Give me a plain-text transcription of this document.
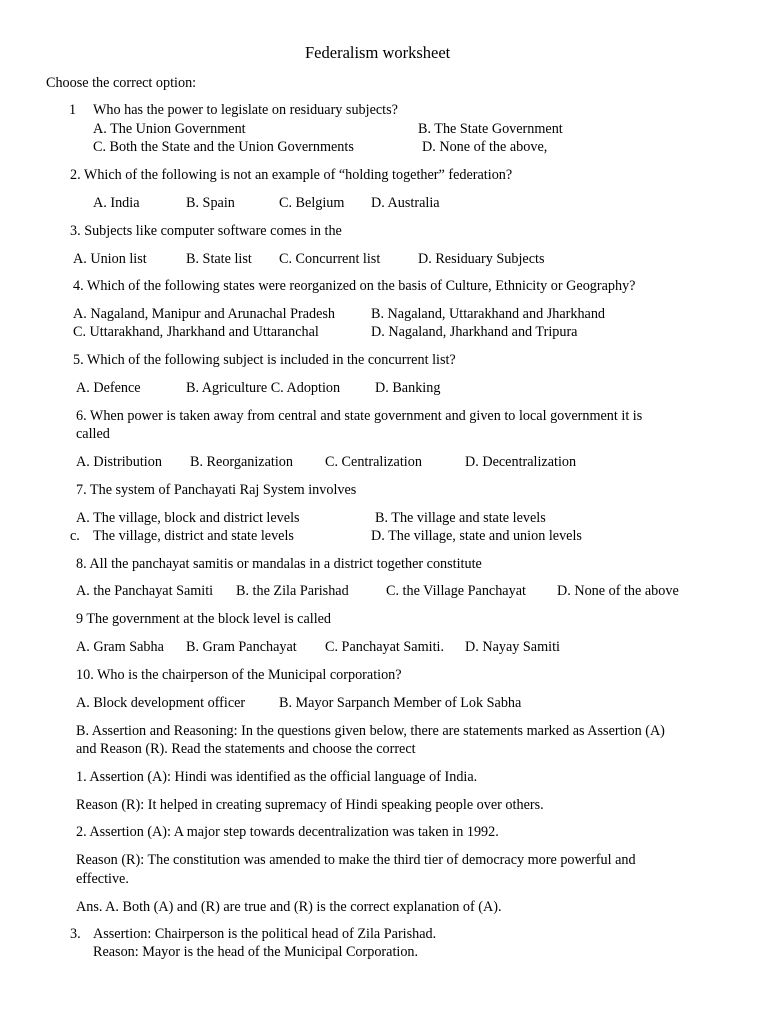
Federalism worksheet
Choose the correct option:
1 Who has the power to legislate on residuary subjects?
A. The Union Government	B. The State Government
C. Both the State and the Union Governments	D. None of the above,
2. Which of the following is not an example of “holding together” federation?
A. India	B. Spain	C. Belgium D. Australia
3. Subjects like computer software comes in the
A. Union list	B. State list C. Concurrent list	D. Residuary Subjects
4. Which of the following states were reorganized on the basis of Culture, Ethnicity or Geography?
A. Nagaland, Manipur and Arunachal Pradesh	B. Nagaland, Uttarakhand and Jharkhand
C. Uttarakhand, Jharkhand and Uttaranchal	D. Nagaland, Jharkhand and Tripura
5. Which of the following subject is included in the concurrent list?
A. Defence	B. Agriculture C. Adoption D. Banking
6. When power is taken away from central and state government and given to local government it is
called
A. Distribution B. Reorganization C. Centralization	D. Decentralization
7. The system of Panchayati Raj System involves
A. The village, block and district levels	B. The village and state levels
c. The village, district and state levels	D. The village, state and union levels
8. All the panchayat samitis or mandalas in a district together constitute
A. the Panchayat Samiti B. the Zila Parishad	C. the Village Panchayat D. None of the above
9 The government at the block level is called
A. Gram Sabha B. Gram Panchayat C. Panchayat Samiti. D. Nayay Samiti
10. Who is the chairperson of the Municipal corporation?
A. Block development officer B. Mayor Sarpanch Member of Lok Sabha
B. Assertion and Reasoning: In the questions given below, there are statements marked as Assertion (A)
and Reason (R). Read the statements and choose the correct
1. Assertion (A): Hindi was identified as the official language of India.
Reason (R): It helped in creating supremacy of Hindi speaking people over others.
2. Assertion (A): A major step towards decentralization was taken in 1992.
Reason (R): The constitution was amended to make the third tier of democracy more powerful and
effective.
Ans. A. Both (A) and (R) are true and (R) is the correct explanation of (A).
3. Assertion: Chairperson is the political head of Zila Parishad.
Reason: Mayor is the head of the Municipal Corporation.
